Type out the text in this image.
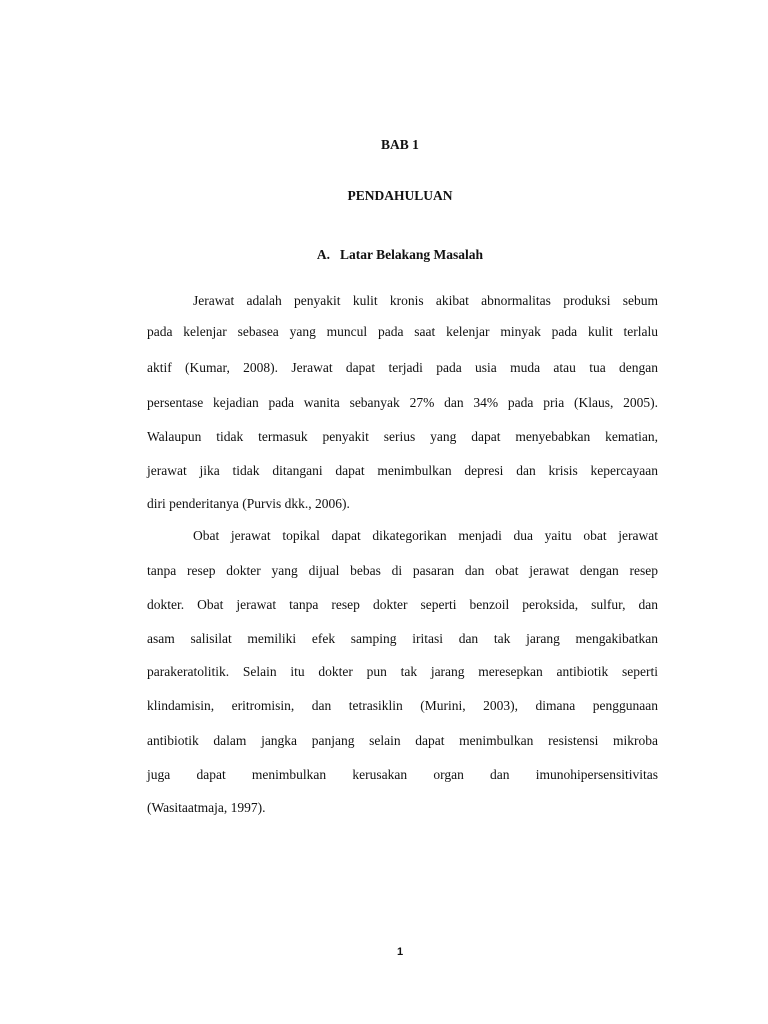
BAB 1
PENDAHULUAN
A. Latar Belakang Masalah
Jerawat adalah penyakit kulit kronis akibat abnormalitas produksi sebum
pada kelenjar sebasea yang muncul pada saat kelenjar minyak pada kulit terlalu
aktif (Kumar, 2008). Jerawat dapat terjadi pada usia muda atau tua dengan
persentase kejadian pada wanita sebanyak 27% dan 34% pada pria (Klaus, 2005).
Walaupun tidak termasuk penyakit serius yang dapat menyebabkan kematian,
jerawat jika tidak ditangani dapat menimbulkan depresi dan krisis kepercayaan
diri penderitanya (Purvis dkk., 2006).
Obat jerawat topikal dapat dikategorikan menjadi dua yaitu obat jerawat
tanpa resep dokter yang dijual bebas di pasaran dan obat jerawat dengan resep
dokter. Obat jerawat tanpa resep dokter seperti benzoil peroksida, sulfur, dan
asam salisilat memiliki efek samping iritasi dan tak jarang mengakibatkan
parakeratolitik. Selain itu dokter pun tak jarang meresepkan antibiotik seperti
klindamisin, eritromisin, dan tetrasiklin (Murini, 2003), dimana penggunaan
antibiotik dalam jangka panjang selain dapat menimbulkan resistensi mikroba
juga dapat menimbulkan kerusakan organ dan imunohipersensitivitas
(Wasitaatmaja, 1997).
1
